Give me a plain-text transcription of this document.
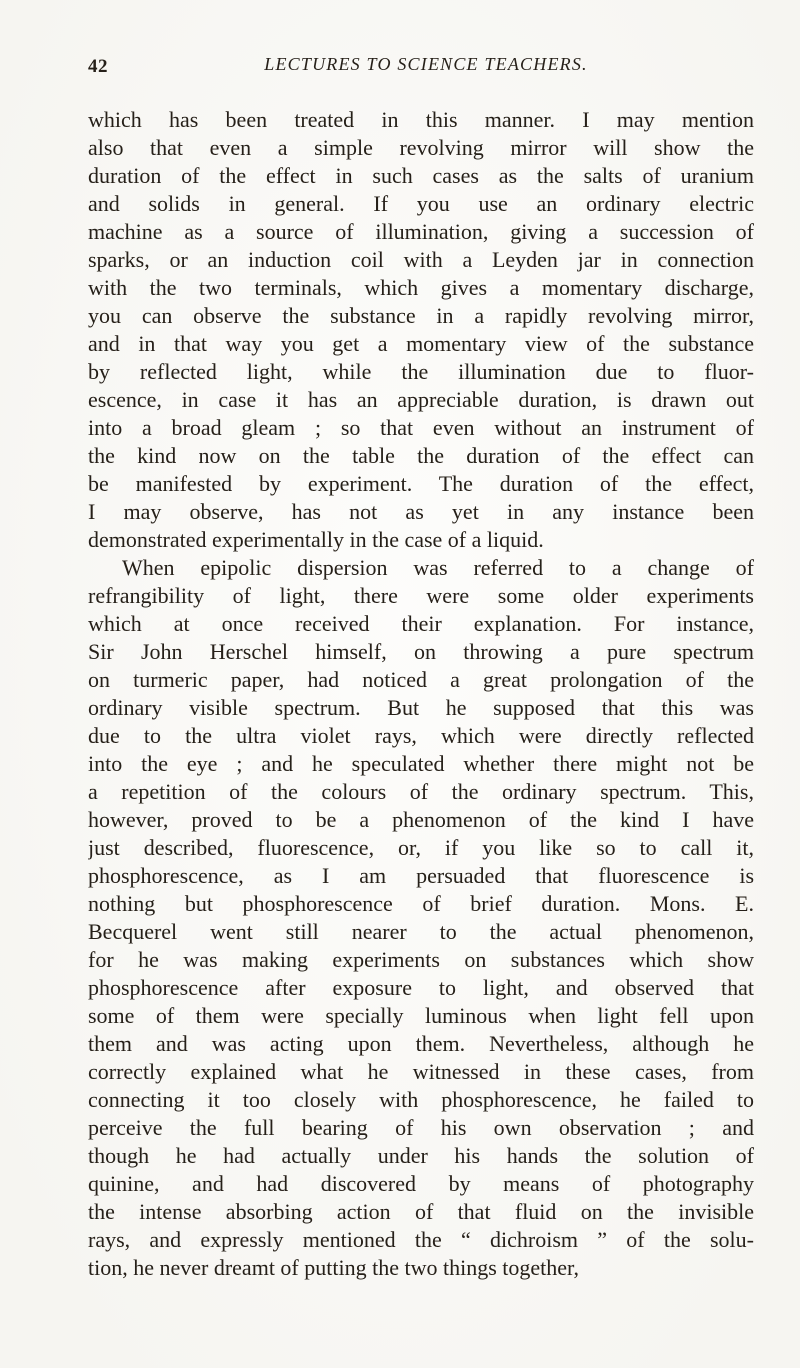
42	LECTURES TO SCIENCE TEACHERS.
which has been treated in this manner. I may mention
also that even a simple revolving mirror will show the
duration of the effect in such cases as the salts of uranium
and solids in general. If you use an ordinary electric
machine as a source of illumination, giving a succession of
sparks, or an induction coil with a Leyden jar in connection
with the two terminals, which gives a momentary discharge,
you can observe the substance in a rapidly revolving mirror,
and in that way you get a momentary view of the substance
by reflected light, while the illumination due to fluor-
escence, in case it has an appreciable duration, is drawn out
into a broad gleam ; so that even without an instrument of
the kind now on the table the duration of the effect can
be manifested by experiment. The duration of the effect,
I may observe, has not as yet in any instance been
demonstrated experimentally in the case of a liquid.
When epipolic dispersion was referred to a change of
refrangibility of light, there were some older experiments
which at once received their explanation. For instance,
Sir John Herschel himself, on throwing a pure spectrum
on turmeric paper, had noticed a great prolongation of the
ordinary visible spectrum. But he supposed that this was
due to the ultra violet rays, which were directly reflected
into the eye ; and he speculated whether there might not be
a repetition of the colours of the ordinary spectrum. This,
however, proved to be a phenomenon of the kind I have
just described, fluorescence, or, if you like so to call it,
phosphorescence, as I am persuaded that fluorescence is
nothing but phosphorescence of brief duration. Mons. E.
Becquerel went still nearer to the actual phenomenon,
for he was making experiments on substances which show
phosphorescence after exposure to light, and observed that
some of them were specially luminous when light fell upon
them and was acting upon them. Nevertheless, although he
correctly explained what he witnessed in these cases, from
connecting it too closely with phosphorescence, he failed to
perceive the full bearing of his own observation ; and
though he had actually under his hands the solution of
quinine, and had discovered by means of photography
the intense absorbing action of that fluid on the invisible
rays, and expressly mentioned the “ dichroism ” of the solu-
tion, he never dreamt of putting the two things together,
